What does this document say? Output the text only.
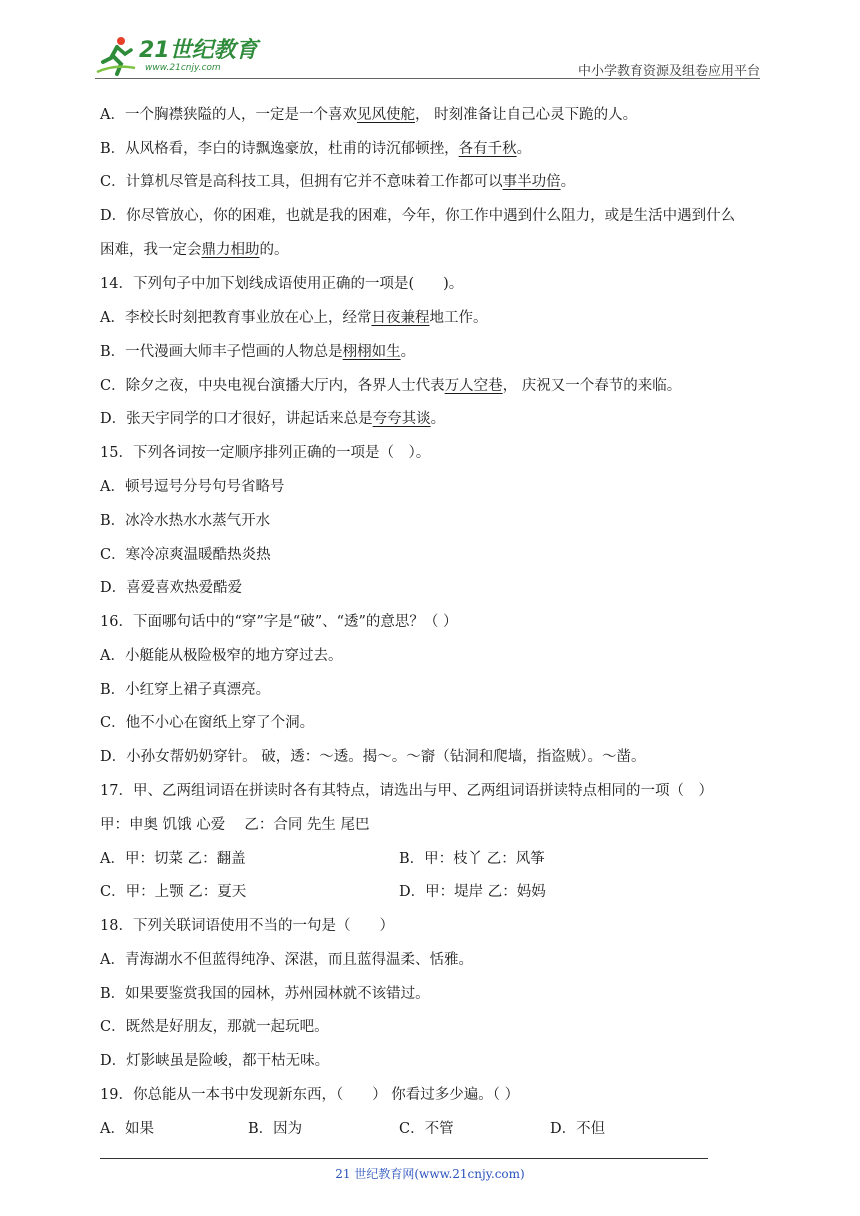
21世纪教育
www.21cnjy.com	中小学教育资源及组卷应用平台
A．一个胸襟狭隘的人，一定是一个喜欢见风使舵， 时刻准备让自己心灵下跪的人。
B．从风格看，李白的诗飘逸豪放，杜甫的诗沉郁顿挫，各有千秋。
C．计算机尽管是高科技工具，但拥有它并不意味着工作都可以事半功倍。
D．你尽管放心，你的困难，也就是我的困难，今年，你工作中遇到什么阻力，或是生活中遇到什么
困难，我一定会鼎力相助的。
14．下列句子中加下划线成语使用正确的一项是(　　)。
A．李校长时刻把教育事业放在心上，经常日夜兼程地工作。
B．一代漫画大师丰子恺画的人物总是栩栩如生。
C．除夕之夜，中央电视台演播大厅内，各界人士代表万人空巷， 庆祝又一个春节的来临。
D．张天宇同学的口才很好，讲起话来总是夸夸其谈。
15．下列各词按一定顺序排列正确的一项是（　）。
A．顿号逗号分号句号省略号
B．冰冷水热水水蒸气开水
C．寒冷凉爽温暖酷热炎热
D．喜爱喜欢热爱酷爱
16．下面哪句话中的“穿”字是“破”、“透”的意思？（ ）
A．小艇能从极险极窄的地方穿过去。
B．小红穿上裙子真漂亮。
C．他不小心在窗纸上穿了个洞。
D．小孙女帮奶奶穿针。 破，透：～透。揭～。～窬（钻洞和爬墙，指盗贼）。～凿。
17．甲、乙两组词语在拼读时各有其特点，请选出与甲、乙两组词语拼读特点相同的一项（　）
甲：申奥 饥饿 心爱　 乙：合同 先生 尾巴
A．甲：切菜 乙：翻盖	B．甲：枝丫 乙：风筝
C．甲：上颚 乙：夏天	D．甲：堤岸 乙：妈妈
18．下列关联词语使用不当的一句是（　　）
A．青海湖水不但蓝得纯净、深湛，而且蓝得温柔、恬雅。
B．如果要鉴赏我国的园林，苏州园林就不该错过。
C．既然是好朋友，那就一起玩吧。
D．灯影峡虽是险峻，都干枯无味。
19．你总能从一本书中发现新东西，（　　） 你看过多少遍。（ ）
A．如果	B．因为	C．不管	D．不但
21 世纪教育网(www.21cnjy.com)
